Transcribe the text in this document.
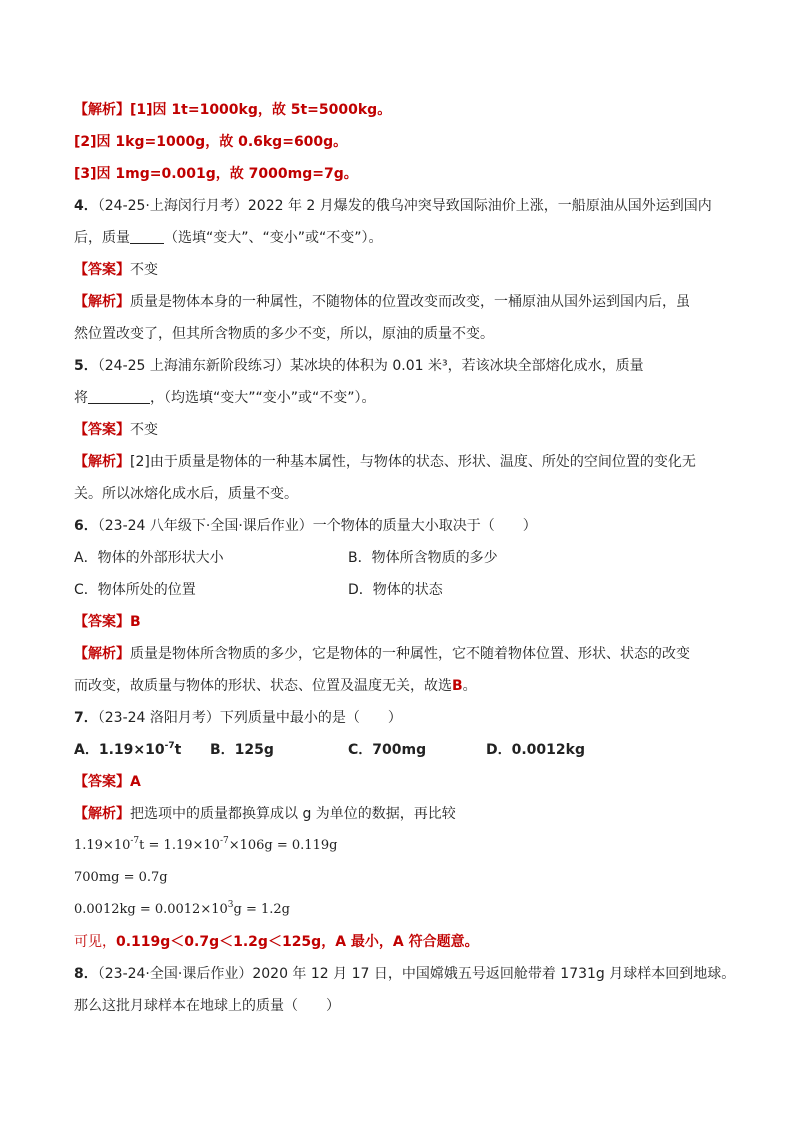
【解析】[1]因 1t=1000kg，故 5t=5000kg。
[2]因 1kg=1000g，故 0.6kg=600g。
[3]因 1mg=0.001g，故 7000mg=7g。
4．（24-25·上海闵行月考）2022 年 2 月爆发的俄乌冲突导致国际油价上涨，一船原油从国外运到国内
后，质量 （选填“变大”、“变小”或“不变”）。
【答案】不变
【解析】质量是物体本身的一种属性，不随物体的位置改变而改变，一桶原油从国外运到国内后，虽
然位置改变了，但其所含物质的多少不变，所以，原油的质量不变。
5．（24-25 上海浦东新阶段练习）某冰块的体积为 0.01 米³，若该冰块全部熔化成水，质量
将	，（均选填“变大”“变小”或“不变”）。
【答案】不变
【解析】[2]由于质量是物体的一种基本属性，与物体的状态、形状、温度、所处的空间位置的变化无
关。所以冰熔化成水后，质量不变。
6．（23-24 八年级下·全国·课后作业）一个物体的质量大小取决于（　　）
A．物体的外部形状大小	B．物体所含物质的多少
C．物体所处的位置	D．物体的状态
【答案】B
【解析】质量是物体所含物质的多少，它是物体的一种属性，它不随着物体位置、形状、状态的改变
而改变，故质量与物体的形状、状态、位置及温度无关，故选B。
7．（23-24 洛阳月考）下列质量中最小的是（　　）
A．$1.19\times 10^{-7}t$ B．125g	C．700mg	D．0.0012kg
【答案】A
【解析】把选项中的质量都换算成以 g 为单位的数据，再比较
$1.19\times 10^{-7}t = 1.19\times 10^{-7}\times 106g = 0.119g$
700mg = 0.7g
$0.0012kg = 0.0012\times 10^3g = 1.2g$
可见，0.119g＜0.7g＜1.2g＜125g，A 最小，A 符合题意。
8．（23-24·全国·课后作业）2020 年 12 月 17 日，中国嫦娥五号返回舱带着 1731g 月球样本回到地球。
那么这批月球样本在地球上的质量（　　）
